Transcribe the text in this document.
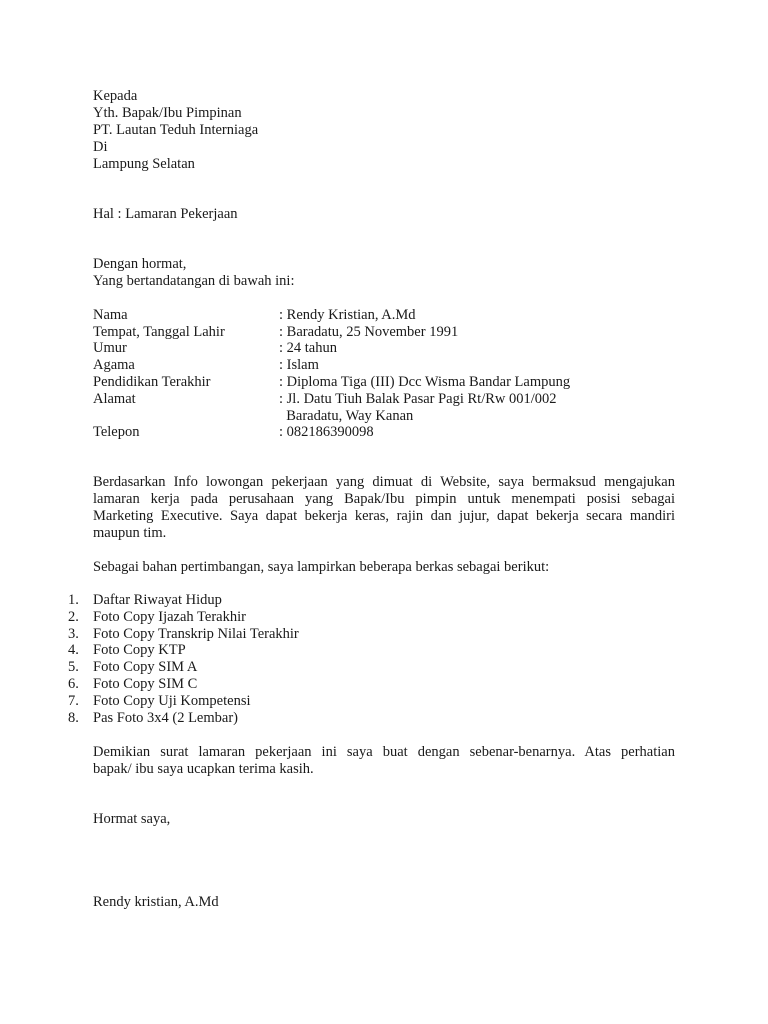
Kepada
Yth. Bapak/Ibu Pimpinan
PT. Lautan Teduh Interniaga
Di
Lampung Selatan
Hal : Lamaran Pekerjaan
Dengan hormat,
Yang bertandatangan di bawah ini:
Nama	: Rendy Kristian, A.Md
Tempat, Tanggal Lahir	: Baradatu, 25 November 1991
Umur	: 24 tahun
Agama	: Islam
Pendidikan Terakhir	: Diploma Tiga (III) Dcc Wisma Bandar Lampung
Alamat	: Jl. Datu Tiuh Balak Pasar Pagi Rt/Rw 001/002
Baradatu, Way Kanan
Telepon	: 082186390098
Berdasarkan Info lowongan pekerjaan yang dimuat di Website, saya bermaksud mengajukan
lamaran kerja pada perusahaan yang Bapak/Ibu pimpin untuk menempati posisi sebagai
Marketing Executive. Saya dapat bekerja keras, rajin dan jujur, dapat bekerja secara mandiri
maupun tim.
Sebagai bahan pertimbangan, saya lampirkan beberapa berkas sebagai berikut:
1. Daftar Riwayat Hidup
2. Foto Copy Ijazah Terakhir
3. Foto Copy Transkrip Nilai Terakhir
4. Foto Copy KTP
5. Foto Copy SIM A
6. Foto Copy SIM C
7. Foto Copy Uji Kompetensi
8. Pas Foto 3x4 (2 Lembar)
Demikian surat lamaran pekerjaan ini saya buat dengan sebenar-benarnya. Atas perhatian
bapak/ ibu saya ucapkan terima kasih.
Hormat saya,
Rendy kristian, A.Md
